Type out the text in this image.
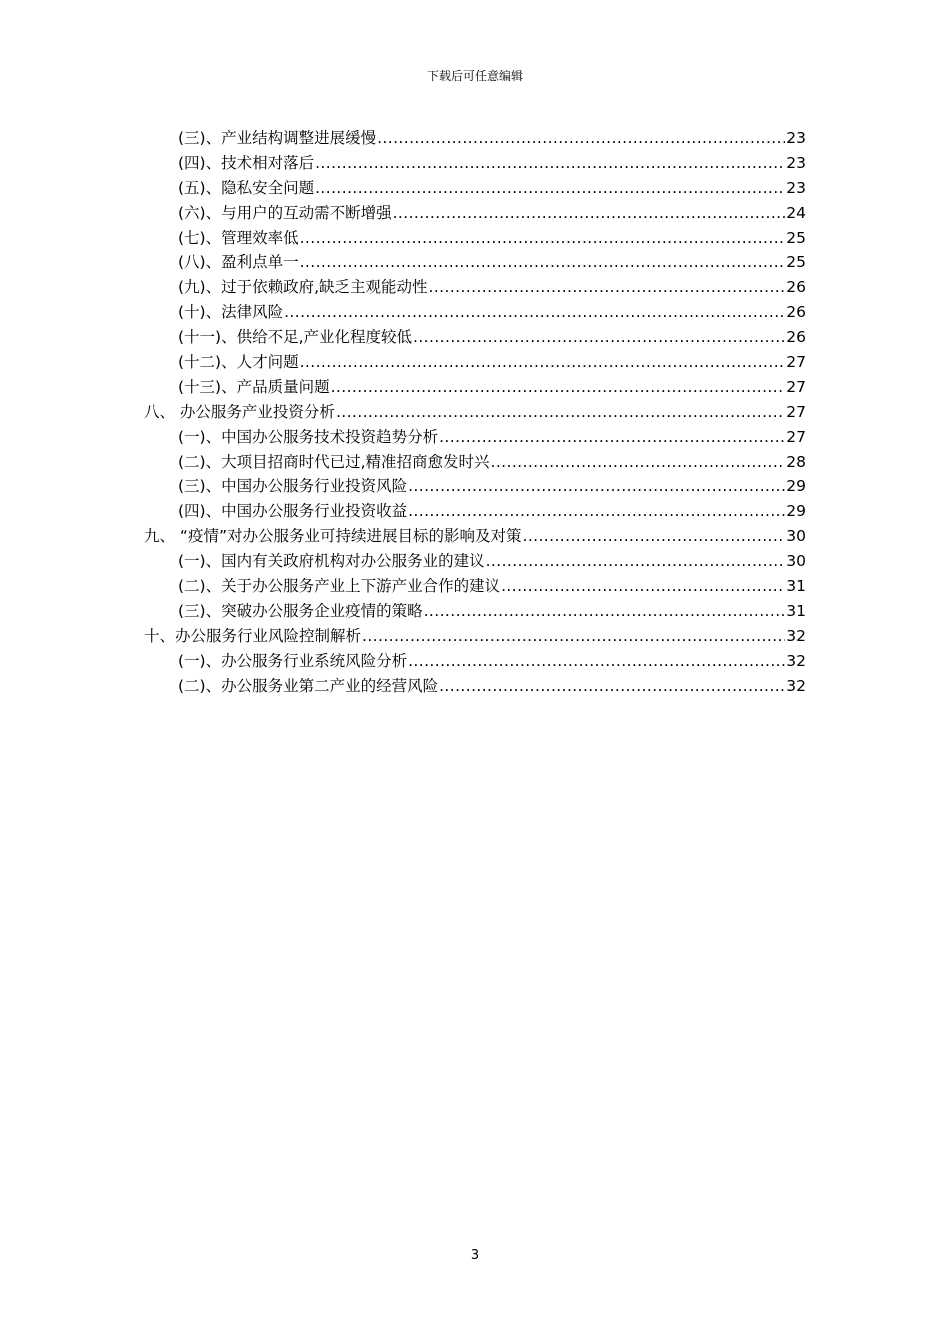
下载后可任意编辑
(三)、产业结构调整进展缓慢 .....	23
(四)、技术相对落后 .....	23
(五)、隐私安全问题 .....	23
(六)、与用户的互动需不断增强 .....	24
(七)、管理效率低 .....	25
(八)、盈利点单一 .....	25
(九)、过于依赖政府,缺乏主观能动性 .....	26
(十)、法律风险 .....	26
(十一)、供给不足,产业化程度较低 .....	26
(十二)、人才问题 .....	27
(十三)、产品质量问题 .....	27
八、 办公服务产业投资分析 .....	27
(一)、中国办公服务技术投资趋势分析 .....	27
(二)、大项目招商时代已过,精准招商愈发时兴 .....	28
(三)、中国办公服务行业投资风险 .....	29
(四)、中国办公服务行业投资收益 .....	29
九、 “疫情”对办公服务业可持续进展目标的影响及对策 .....	30
(一)、国内有关政府机构对办公服务业的建议 .....	30
(二)、关于办公服务产业上下游产业合作的建议 .....	31
(三)、突破办公服务企业疫情的策略 .....	31
十、办公服务行业风险控制解析 .....	32
(一)、办公服务行业系统风险分析 .....	32
(二)、办公服务业第二产业的经营风险 .....	32
3
